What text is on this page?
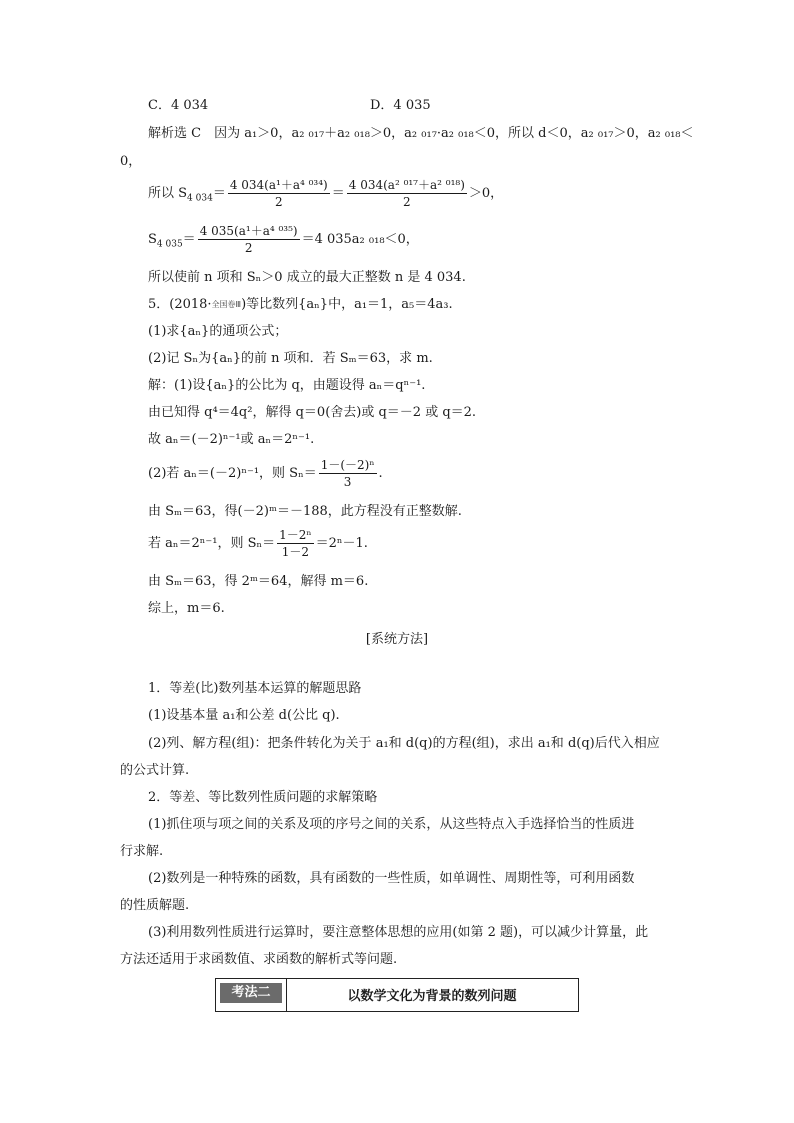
C．4 034	D．4 035
解析选 C　因为 a₁＞0，a₂ ₀₁₇＋a₂ ₀₁₈＞0，a₂ ₀₁₇·a₂ ₀₁₈＜0，所以 d＜0，a₂ ₀₁₇＞0，a₂ ₀₁₈＜
0，
所以 $S_{4 034}= \frac{\text{4 034(a¹＋a⁴ ⁰³⁴)}}{2} = \frac{\text{4 034(a² ⁰¹⁷＋a² ⁰¹⁸)}}{2} >0$，
$S_{4 035}= \frac{\text{4 035(a¹＋a⁴ ⁰³⁵)}}{2} =4$ 035a₂ ₀₁₈＜0，
所以使前 n 项和 Sₙ＞0 成立的最大正整数 n 是 4 034.
5．(2018·全国卷Ⅲ)等比数列{aₙ}中，a₁＝1，a₅＝4a₃.
(1)求{aₙ}的通项公式；
(2)记 Sₙ为{aₙ}的前 n 项和．若 Sₘ＝63，求 m.
解：(1)设{aₙ}的公比为 q，由题设得 aₙ＝qⁿ⁻¹.
由已知得 q⁴＝4q²，解得 q＝0(舍去)或 q＝－2 或 q＝2.
故 aₙ＝(－2)ⁿ⁻¹或 aₙ＝2ⁿ⁻¹.
(2)若 aₙ＝(－2)ⁿ⁻¹，则 $S_n= \frac{\text{1－(－2)ⁿ}}{3}$ .
由 Sₘ＝63，得(－2)ᵐ＝－188，此方程没有正整数解.
若 aₙ＝2ⁿ⁻¹，则 $S_n= \frac{\text{1－2ⁿ}}{1-2} =2^n-1$.
由 Sₘ＝63，得 2ᵐ＝64，解得 m＝6.
综上，m＝6.
[系统方法]
1．等差(比)数列基本运算的解题思路
(1)设基本量 a₁和公差 d(公比 q).
(2)列、解方程(组)：把条件转化为关于 a₁和 d(q)的方程(组)，求出 a₁和 d(q)后代入相应
的公式计算.
2．等差、等比数列性质问题的求解策略
(1)抓住项与项之间的关系及项的序号之间的关系，从这些特点入手选择恰当的性质进
行求解.
(2)数列是一种特殊的函数，具有函数的一些性质，如单调性、周期性等，可利用函数
的性质解题.
(3)利用数列性质进行运算时，要注意整体思想的应用(如第 2 题)，可以减少计算量，此
方法还适用于求函数值、求函数的解析式等问题.
考法二	以数学文化为背景的数列问题
